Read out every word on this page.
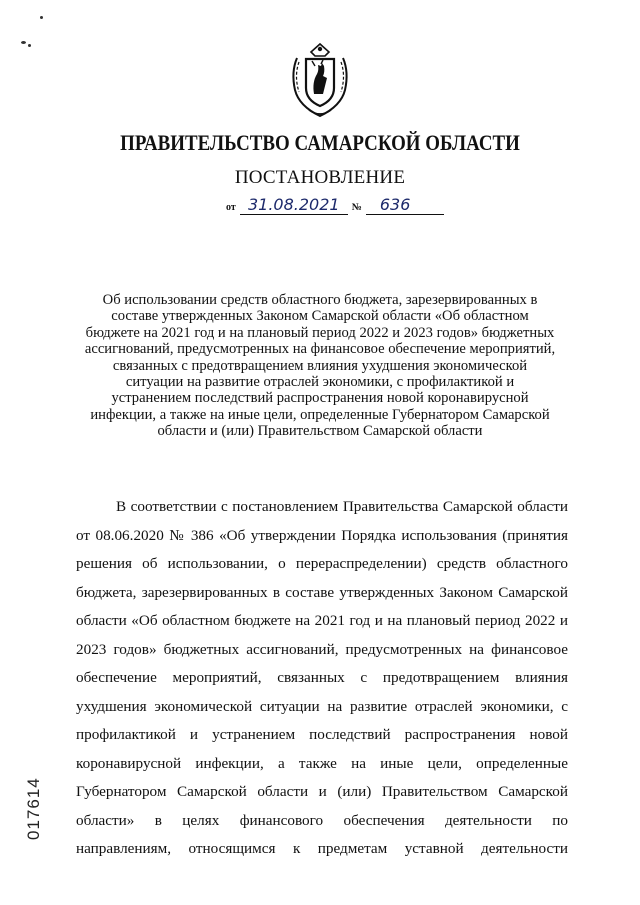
ПРАВИТЕЛЬСТВО САМАРСКОЙ ОБЛАСТИ
ПОСТАНОВЛЕНИЕ
от 31.08.2021 № 636
Об использовании средств областного бюджета, зарезервированных в
составе утвержденных Законом Самарской области «Об областном
бюджете на 2021 год и на плановый период 2022 и 2023 годов» бюджетных
ассигнований, предусмотренных на финансовое обеспечение мероприятий,
связанных с предотвращением влияния ухудшения экономической
ситуации на развитие отраслей экономики, с профилактикой и
устранением последствий распространения новой коронавирусной
инфекции, а также на иные цели, определенные Губернатором Самарской
области и (или) Правительством Самарской области
В соответствии с постановлением Правительства Самарской области
от 08.06.2020 № 386 «Об утверждении Порядка использования (принятия
решения об использовании, о перераспределении) средств областного
бюджета, зарезервированных в составе утвержденных Законом Самарской
области «Об областном бюджете на 2021 год и на плановый период 2022 и
2023 годов» бюджетных ассигнований, предусмотренных на финансовое
обеспечение мероприятий, связанных с предотвращением влияния
ухудшения экономической ситуации на развитие отраслей экономики, с
профилактикой и устранением последствий распространения новой
коронавирусной инфекции, а также на иные цели, определенные
Губернатором Самарской области и (или) Правительством Самарской
области» в целях финансового обеспечения деятельности по
направлениям, относящимся к предметам уставной деятельности
017614
